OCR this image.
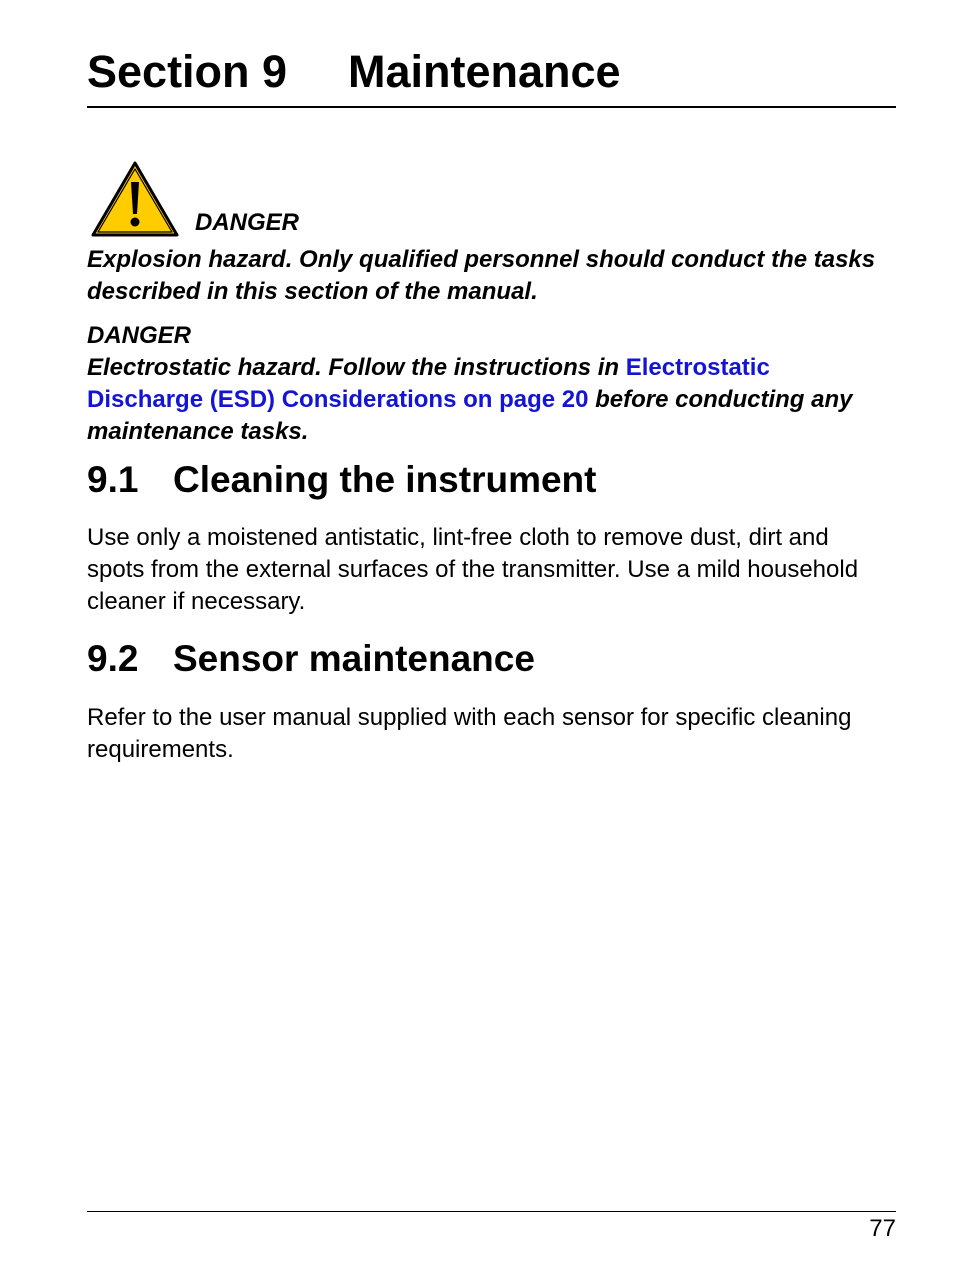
Section 9 Maintenance
DANGER

Explosion hazard. Only qualified personnel should conduct the tasks described in this section of the manual.

DANGER

Electrostatic hazard. Follow the instructions in Electrostatic Discharge (ESD) Considerations on page 20 before conducting any maintenance tasks.

9.1 Cleaning the instrument

Use only a moistened antistatic, lint-free cloth to remove dust, dirt and spots from the external surfaces of the transmitter. Use a mild household cleaner if necessary.

9.2 Sensor maintenance

Refer to the user manual supplied with each sensor for specific cleaning requirements.

77
